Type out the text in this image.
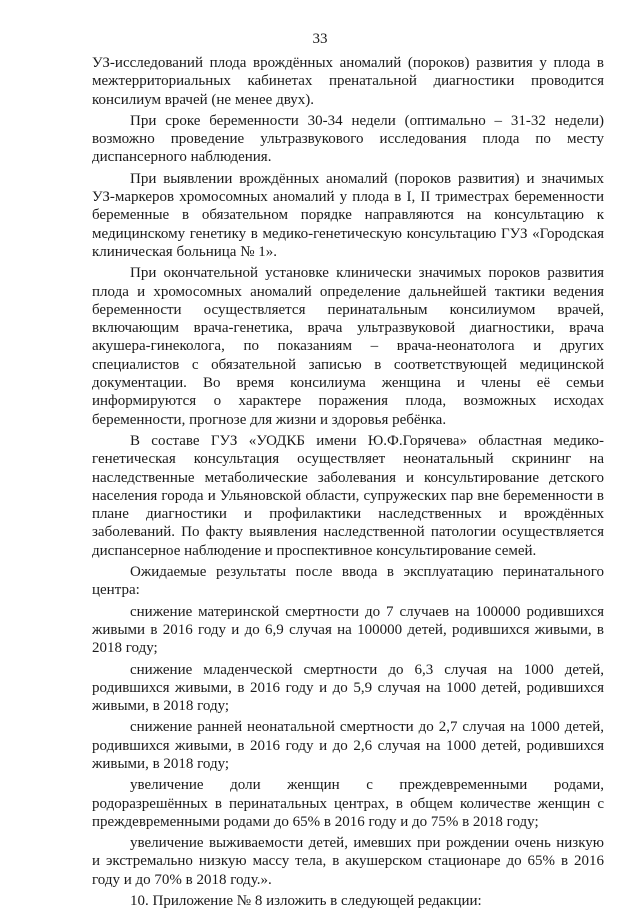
33

УЗ-исследований плода врождённых аномалий (пороков) развития у плода в межтерриториальных кабинетах пренатальной диагностики проводится консилиум врачей (не менее двух).

При сроке беременности 30-34 недели (оптимально – 31-32 недели) возможно проведение ультразвукового исследования плода по месту диспансерного наблюдения.

При выявлении врождённых аномалий (пороков развития) и значимых УЗ-маркеров хромосомных аномалий у плода в I, II триместрах беременности беременные в обязательном порядке направляются на консультацию к медицинскому генетику в медико-генетическую консультацию ГУЗ «Городская клиническая больница № 1».

При окончательной установке клинически значимых пороков развития плода и хромосомных аномалий определение дальнейшей тактики ведения беременности осуществляется перинатальным консилиумом врачей, включающим врача-генетика, врача ультразвуковой диагностики, врача акушера-гинеколога, по показаниям – врача-неонатолога и других специалистов с обязательной записью в соответствующей медицинской документации. Во время консилиума женщина и члены её семьи информируются о характере поражения плода, возможных исходах беременности, прогнозе для жизни и здоровья ребёнка.

В составе ГУЗ «УОДКБ имени Ю.Ф.Горячева» областная медико-генетическая консультация осуществляет неонатальный скрининг на наследственные метаболические заболевания и консультирование детского населения города и Ульяновской области, супружеских пар вне беременности в плане диагностики и профилактики наследственных и врождённых заболеваний. По факту выявления наследственной патологии осуществляется диспансерное наблюдение и проспективное консультирование семей.

Ожидаемые результаты после ввода в эксплуатацию перинатального центра:

снижение материнской смертности до 7 случаев на 100000 родившихся живыми в 2016 году и до 6,9 случая на 100000 детей, родившихся живыми, в 2018 году;

снижение младенческой смертности до 6,3 случая на 1000 детей, родившихся живыми, в 2016 году и до 5,9 случая на 1000 детей, родившихся живыми, в 2018 году;

снижение ранней неонатальной смертности до 2,7 случая на 1000 детей, родившихся живыми, в 2016 году и до 2,6 случая на 1000 детей, родившихся живыми, в 2018 году;

увеличение доли женщин с преждевременными родами, родоразрешённых в перинатальных центрах, в общем количестве женщин с преждевременными родами до 65% в 2016 году и до 75% в 2018 году;

увеличение выживаемости детей, имевших при рождении очень низкую и экстремально низкую массу тела, в акушерском стационаре до 65% в 2016 году и до 70% в 2018 году.».

10. Приложение № 8 изложить в следующей редакции:
